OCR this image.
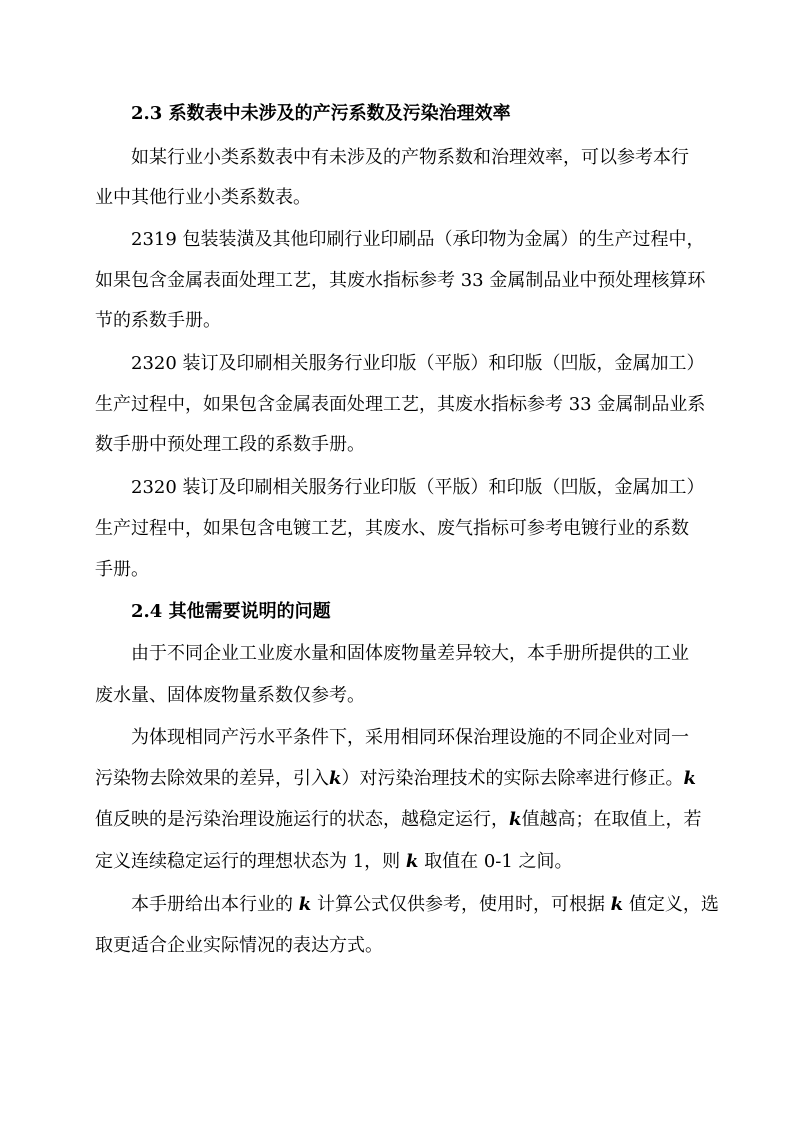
2.3 系数表中未涉及的产污系数及污染治理效率
如某行业小类系数表中有未涉及的产物系数和治理效率，可以参考本行
业中其他行业小类系数表。
2319 包装装潢及其他印刷行业印刷品（承印物为金属）的生产过程中，
如果包含金属表面处理工艺，其废水指标参考 33 金属制品业中预处理核算环
节的系数手册。
2320 装订及印刷相关服务行业印版（平版）和印版（凹版，金属加工）
生产过程中，如果包含金属表面处理工艺，其废水指标参考 33 金属制品业系
数手册中预处理工段的系数手册。
2320 装订及印刷相关服务行业印版（平版）和印版（凹版，金属加工）
生产过程中，如果包含电镀工艺，其废水、废气指标可参考电镀行业的系数
手册。
2.4 其他需要说明的问题
由于不同企业工业废水量和固体废物量差异较大，本手册所提供的工业
废水量、固体废物量系数仅参考。
为体现相同产污水平条件下，采用相同环保治理设施的不同企业对同一
污染物去除效果的差异，引入k）对污染治理技术的实际去除率进行修正。k
值反映的是污染治理设施运行的状态，越稳定运行，k值越高；在取值上，若
定义连续稳定运行的理想状态为 1，则 k 取值在 0-1 之间。
本手册给出本行业的 k 计算公式仅供参考，使用时，可根据 k 值定义，选
取更适合企业实际情况的表达方式。
